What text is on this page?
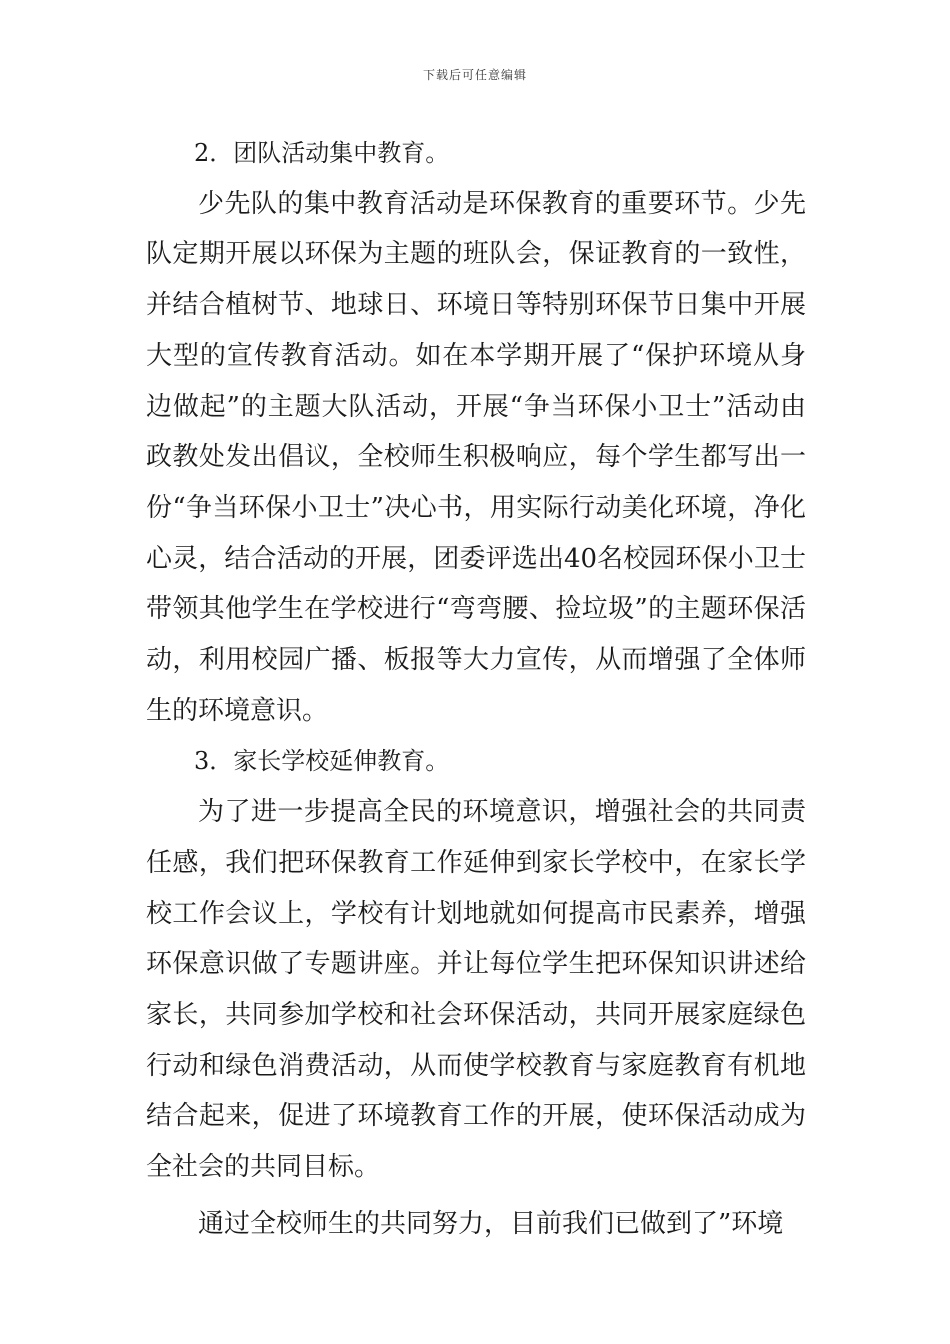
下载后可任意编辑

2．团队活动集中教育。

少先队的集中教育活动是环保教育的重要环节。少先队定期开展以环保为主题的班队会，保证教育的一致性，并结合植树节、地球日、环境日等特别环保节日集中开展大型的宣传教育活动。如在本学期开展了“保护环境从身边做起”的主题大队活动，开展“争当环保小卫士”活动由政教处发出倡议，全校师生积极响应，每个学生都写出一份“争当环保小卫士”决心书，用实际行动美化环境，净化心灵，结合活动的开展，团委评选出40名校园环保小卫士带领其他学生在学校进行“弯弯腰、捡垃圾”的主题环保活动，利用校园广播、板报等大力宣传，从而增强了全体师生的环境意识。

3．家长学校延伸教育。

为了进一步提高全民的环境意识，增强社会的共同责任感，我们把环保教育工作延伸到家长学校中，在家长学校工作会议上，学校有计划地就如何提高市民素养，增强环保意识做了专题讲座。并让每位学生把环保知识讲述给家长，共同参加学校和社会环保活动，共同开展家庭绿色行动和绿色消费活动，从而使学校教育与家庭教育有机地结合起来，促进了环境教育工作的开展，使环保活动成为全社会的共同目标。

通过全校师生的共同努力，目前我们已做到了”环境
